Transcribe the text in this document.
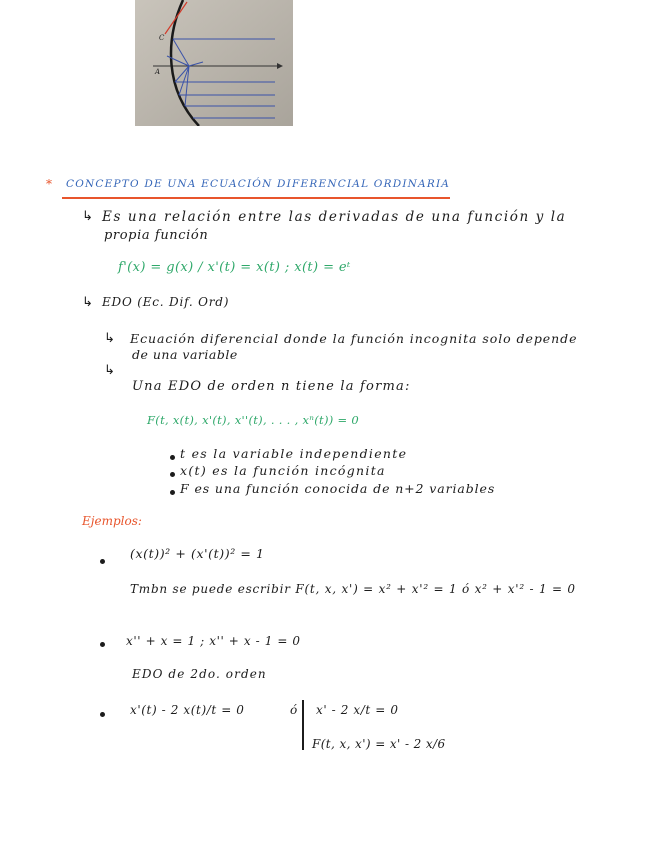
C
A
* CONCEPTO DE UNA ECUACIÓN DIFERENCIAL ORDINARIA
↳ Es una relación entre las derivadas de una función y la
propia función
f'(x) = g(x) / x'(t) = x(t) ; x(t) = eᵗ
↳ EDO (Ec. Dif. Ord)
↳ Ecuación diferencial donde la función incognita solo depende
de una variable
↳
Una EDO de orden n tiene la forma:
F(t, x(t), x'(t), x''(t), . . . , xⁿ(t)) = 0
t es la variable independiente
x(t) es la función incógnita
F es una función conocida de n+2 variables
Ejemplos:
(x(t))² + (x'(t))² = 1
Tmbn se puede escribir F(t, x, x') = x² + x'² = 1 ó x² + x'² - 1 = 0
x'' + x = 1 ; x'' + x - 1 = 0
EDO de 2do. orden
x'(t) - 2 x(t)/t = 0	ó x' - 2 x/t = 0
F(t, x, x') = x' - 2 x/6
